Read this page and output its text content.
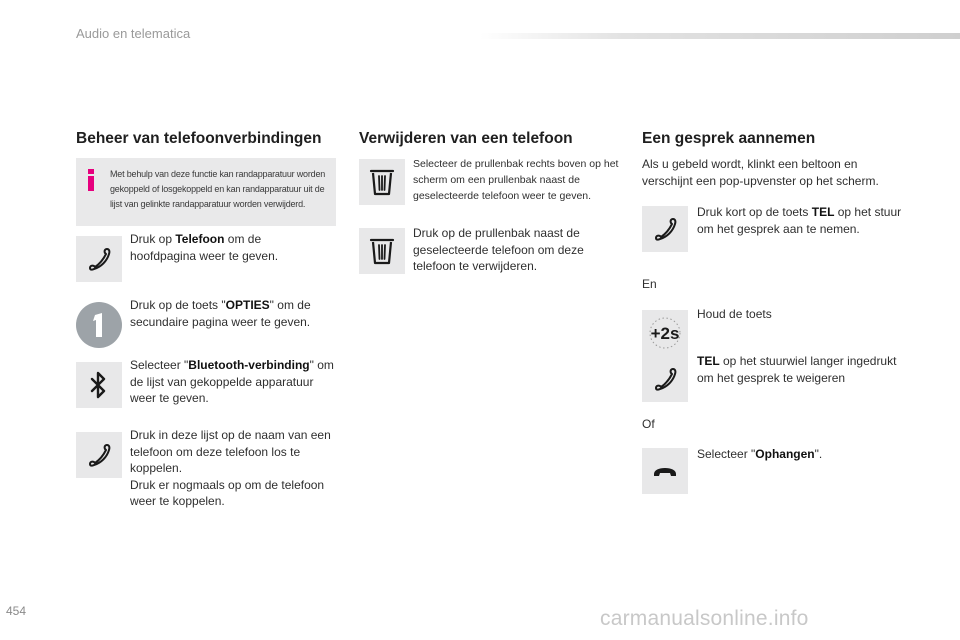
Audio en telematica
Beheer van telefoonverbindingen
Met behulp van deze functie kan randapparatuur worden gekoppeld of losgekoppeld en kan randapparatuur uit de lijst van gelinkte randapparatuur worden verwijderd.
Druk op Telefoon om de hoofdpagina weer te geven.
Druk op de toets "OPTIES" om de secundaire pagina weer te geven.
Selecteer "Bluetooth-verbinding" om de lijst van gekoppelde apparatuur weer te geven.
Druk in deze lijst op de naam van een telefoon om deze telefoon los te koppelen.
Druk er nogmaals op om de telefoon weer te koppelen.
Verwijderen van een telefoon
Selecteer de prullenbak rechts boven op het scherm om een prullenbak naast de geselecteerde telefoon weer te geven.
Druk op de prullenbak naast de geselecteerde telefoon om deze telefoon te verwijderen.
Een gesprek aannemen
Als u gebeld wordt, klinkt een beltoon en verschijnt een pop-upvenster op het scherm.
Druk kort op de toets TEL op het stuur om het gesprek aan te nemen.
En
+2s
Houd de toets
TEL op het stuurwiel langer ingedrukt om het gesprek te weigeren
Of
Selecteer "Ophangen".
454	carmanualsonline.info
